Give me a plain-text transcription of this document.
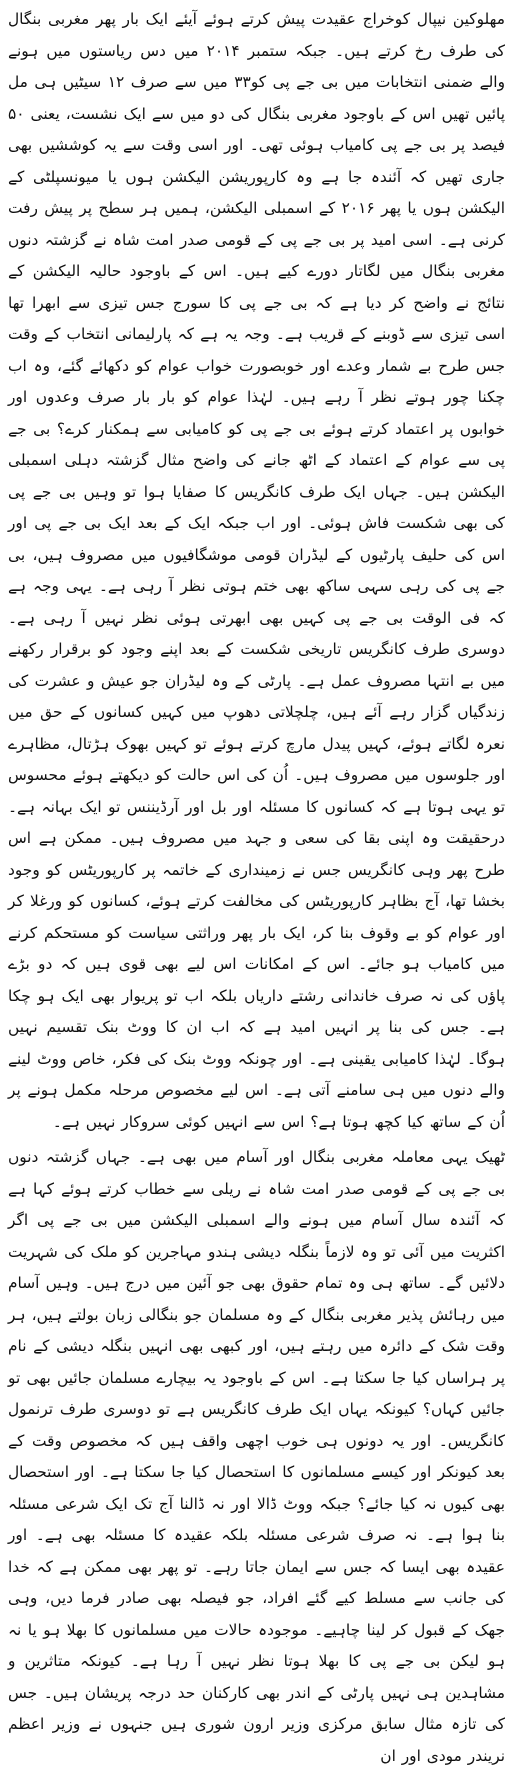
مھلوکین نیپال کوخراج عقیدت پیش کرتے ہوئے آیئے ایک بار پھر مغربی بنگال کی طرف رخ کرتے ہیں۔ جبکہ ستمبر ۲۰۱۴ میں دس ریاستوں میں ہونے والے ضمنی انتخابات میں بی جے پی کو۳۳ میں سے صرف ۱۲ سیٹیں ہی مل پائیں تھیں اس کے باوجود مغربی بنگال کی دو میں سے ایک نشست، یعنی ۵۰ فیصد پر بی جے پی کامیاب ہوئی تھی۔ اور اسی وقت سے یہ کوششیں بھی جاری تھیں کہ آئندہ جا ہے وہ کارپوریشن الیکشن ہوں یا میونسپلٹی کے الیکشن ہوں یا پھر ۲۰۱۶ کے اسمبلی الیکشن، ہمیں ہر سطح پر پیش رفت کرنی ہے۔ اسی امید پر بی جے پی کے قومی صدر امت شاہ نے گزشتہ دنوں مغربی بنگال میں لگاتار دورے کیے ہیں۔ اس کے باوجود حالیہ الیکشن کے نتائج نے واضح کر دیا ہے کہ بی جے پی کا سورج جس تیزی سے ابھرا تھا اسی تیزی سے ڈوبنے کے قریب ہے۔ وجہ یہ ہے کہ پارلیمانی انتخاب کے وقت جس طرح بے شمار وعدے اور خوبصورت خواب عوام کو دکھائے گئے، وہ اب چکنا چور ہوتے نظر آ رہے ہیں۔ لہٰذا عوام کو بار بار صرف وعدوں اور خوابوں پر اعتماد کرتے ہوئے بی جے پی کو کامیابی سے ہمکنار کرے؟ بی جے پی سے عوام کے اعتماد کے اٹھ جانے کی واضح مثال گزشتہ دہلی اسمبلی الیکشن ہیں۔ جہاں ایک طرف کانگریس کا صفایا ہوا تو وہیں بی جے پی کی بھی شکست فاش ہوئی۔ اور اب جبکہ ایک کے بعد ایک بی جے پی اور اس کی حلیف پارٹیوں کے لیڈران قومی موشگافیوں میں مصروف ہیں، بی جے پی کی رہی سہی ساکھ بھی ختم ہوتی نظر آ رہی ہے۔ یہی وجہ ہے کہ فی الوقت بی جے پی کہیں بھی ابھرتی ہوئی نظر نہیں آ رہی ہے۔ دوسری طرف کانگریس تاریخی شکست کے بعد اپنے وجود کو برقرار رکھنے میں بے انتہا مصروف عمل ہے۔ پارٹی کے وہ لیڈران جو عیش و عشرت کی زندگیاں گزار رہے آئے ہیں، چلچلاتی دھوپ میں کہیں کسانوں کے حق میں نعرہ لگاتے ہوئے، کہیں پیدل مارچ کرتے ہوئے تو کہیں بھوک ہڑتال، مظاہرے اور جلوسوں میں مصروف ہیں۔ اُن کی اس حالت کو دیکھتے ہوئے محسوس تو یہی ہوتا ہے کہ کسانوں کا مسئلہ اور بل اور آرڈیننس تو ایک بہانہ ہے۔ درحقیقت وہ اپنی بقا کی سعی و جہد میں مصروف ہیں۔ ممکن ہے اس طرح پھر وہی کانگریس جس نے زمینداری کے خاتمہ پر کارپوریٹس کو وجود بخشا تھا، آج بظاہر کارپوریٹس کی مخالفت کرتے ہوئے، کسانوں کو ورغلا کر اور عوام کو بے وقوف بنا کر، ایک بار پھر وراثتی سیاست کو مستحکم کرنے میں کامیاب ہو جائے۔ اس کے امکانات اس لیے بھی قوی ہیں کہ دو بڑے پاؤں کی نہ صرف خاندانی رشتے داریاں بلکہ اب تو پریوار بھی ایک ہو چکا ہے۔ جس کی بنا پر انہیں امید ہے کہ اب ان کا ووٹ بنک تقسیم نہیں ہوگا۔ لہٰذا کامیابی یقینی ہے۔ اور چونکہ ووٹ بنک کی فکر، خاص ووٹ لینے والے دنوں میں ہی سامنے آتی ہے۔ اس لیے مخصوص مرحلہ مکمل ہونے پر اُن کے ساتھ کیا کچھ ہوتا ہے؟ اس سے انہیں کوئی سروکار نہیں ہے۔

ٹھیک یہی معاملہ مغربی بنگال اور آسام میں بھی ہے۔ جہاں گزشتہ دنوں بی جے پی کے قومی صدر امت شاہ نے ریلی سے خطاب کرتے ہوئے کہا ہے کہ آئندہ سال آسام میں ہونے والے اسمبلی الیکشن میں بی جے پی اگر اکثریت میں آئی تو وہ لازماً بنگلہ دیشی ہندو مہاجرین کو ملک کی شہریت دلائیں گے۔ ساتھ ہی وہ تمام حقوق بھی جو آئین میں درج ہیں۔ وہیں آسام میں رہائش پذیر مغربی بنگال کے وہ مسلمان جو بنگالی زبان بولتے ہیں، ہر وقت شک کے دائرہ میں رہتے ہیں، اور کبھی بھی انہیں بنگلہ دیشی کے نام پر ہراساں کیا جا سکتا ہے۔ اس کے باوجود یہ بیچارے مسلمان جائیں بھی تو جائیں کہاں؟ کیونکہ یہاں ایک طرف کانگریس ہے تو دوسری طرف ترنمول کانگریس۔ اور یہ دونوں ہی خوب اچھی واقف ہیں کہ مخصوص وقت کے بعد کیونکر اور کیسے مسلمانوں کا استحصال کیا جا سکتا ہے۔ اور استحصال بھی کیوں نہ کیا جائے؟ جبکہ ووٹ ڈالا اور نہ ڈالنا آج تک ایک شرعی مسئلہ بنا ہوا ہے۔ نہ صرف شرعی مسئلہ بلکہ عقیدہ کا مسئلہ بھی ہے۔ اور عقیدہ بھی ایسا کہ جس سے ایمان جاتا رہے۔ تو پھر بھی ممکن ہے کہ خدا کی جانب سے مسلط کیے گئے افراد، جو فیصلہ بھی صادر فرما دیں، وہی جھک کے قبول کر لینا چاہیے۔ موجودہ حالات میں مسلمانوں کا بھلا ہو یا نہ ہو لیکن بی جے پی کا بھلا ہوتا نظر نہیں آ رہا ہے۔ کیونکہ متاثرین و مشاہدین ہی نہیں پارٹی کے اندر بھی کارکنان حد درجہ پریشان ہیں۔ جس کی تازہ مثال سابق مرکزی وزیر ارون شوری ہیں جنہوں نے وزیر اعظم نریندر مودی اور ان
